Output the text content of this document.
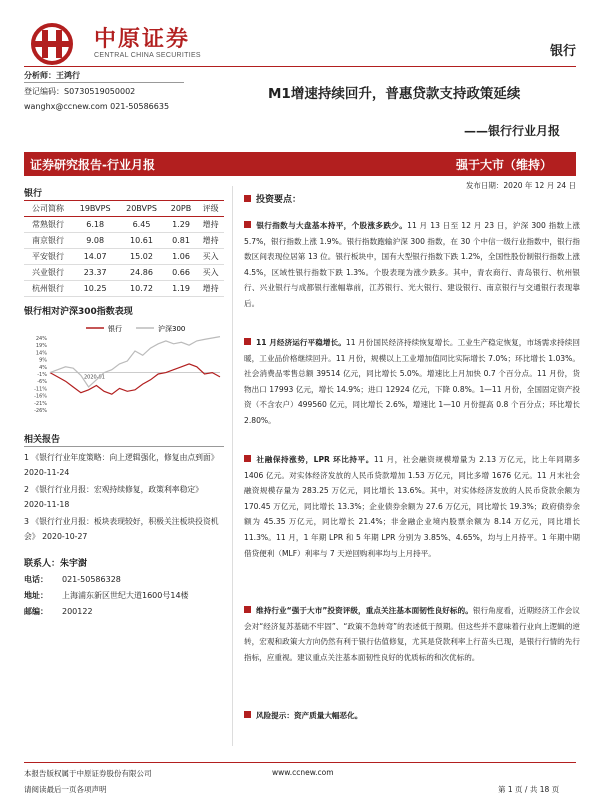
中原证券
CENTRAL CHINA SECURITIES	银行
分析师：王鸿行
登记编码：S0730519050002
wanghx@ccnew.com 021-50586635
M1增速持续回升，普惠贷款支持政策延续
——银行行业月报
证券研究报告-行业月报	强于大市（维持）
发布日期：2020 年 12 月 24 日
银行
公司简称	19BVPS	20BVPS	20PB	评级
常熟银行	6.18	6.45	1.29	增持
南京银行	9.08	10.61	0.81	增持
平安银行	14.07	15.02	1.06	买入
兴业银行	23.37	24.86	0.66	买入
杭州银行	10.25	10.72	1.19	增持
银行相对沪深300指数表现
银行	沪深300
24%
19%
14%
9%
4%
-1%
-6%
-11%
-16%
-21%
-26%
2020-01
相关报告
1 《银行行业年度策略：向上逻辑强化，修复由点到面》 2020-11-24
2 《银行行业月报：宏观持续修复，政策利率稳定》 2020-11-18
3 《银行行业月报：板块表现较好，积极关注板块投资机会》 2020-10-27
联系人：朱宇澍
电话： 021-50586328
地址： 上海浦东新区世纪大道1600号14楼
邮编： 200122
投资要点：
银行指数与大盘基本持平，个股涨多跌少。11 月 13 日至 12 月 23 日，沪深 300 指数上涨 5.7%，银行指数上涨 1.9%。银行指数跑输沪深 300 指数，在 30 个中信一级行业指数中，银行指数区间表现位居第 13 位。银行板块中，国有大型银行指数下跌 1.2%，全国性股份制银行指数上涨 4.5%，区域性银行指数下跌 1.3%。个股表现为涨少跌多。其中，青农商行、青岛银行、杭州银行、兴业银行与成都银行涨幅靠前，江苏银行、光大银行、建设银行、南京银行与交通银行表现靠后。
11 月经济运行平稳增长。11 月份国民经济持续恢复增长。工业生产稳定恢复，市场需求持续回暖，工业品价格继续回升。11 月份，规模以上工业增加值同比实际增长 7.0%；环比增长 1.03%。社会消费品零售总额 39514 亿元，同比增长 5.0%。增速比上月加快 0.7 个百分点。11 月份，货物出口 17993 亿元，增长 14.9%；进口 12924 亿元，下降 0.8%。1—11 月份，全国固定资产投资（不含农户）499560 亿元，同比增长 2.6%，增速比 1—10 月份提高 0.8 个百分点；环比增长 2.80%。
社融保持涨势，LPR 环比持平。11 月，社会融资规模增量为 2.13 万亿元，比上年同期多 1406 亿元。对实体经济发放的人民币贷款增加 1.53 万亿元，同比多增 1676 亿元。11 月末社会融资规模存量为 283.25 万亿元，同比增长 13.6%。其中，对实体经济发放的人民币贷款余额为 170.45 万亿元，同比增长 13.3%；企业债券余额为 27.6 万亿元，同比增长 19.3%；政府债券余额为 45.35 万亿元，同比增长 21.4%；非金融企业境内股票余额为 8.14 万亿元，同比增长 11.3%。11 月，1 年期 LPR 和 5 年期 LPR 分别为 3.85%、4.65%，均与上月持平。1 年期中期借贷便利（MLF）利率与 7 天逆回购利率均与上月持平。
维持行业“强于大市”投资评级，重点关注基本面韧性良好标的。银行角度看，近期经济工作会议会对“经济复苏基础不牢固”、“政策不急转弯”的表述低于预期。但这些并不意味着行业向上逻辑的逆转，宏观和政策大方向仍然有利于银行估值修复，尤其是贷款利率上行苗头已现，是银行行情的先行指标，应重视。建议重点关注基本面韧性良好的优质标的和次优标的。
风险提示：资产质量大幅恶化。
本报告版权属于中原证券股份有限公司	www.ccnew.com
请阅读最后一页各项声明	第 1 页 / 共 18 页
